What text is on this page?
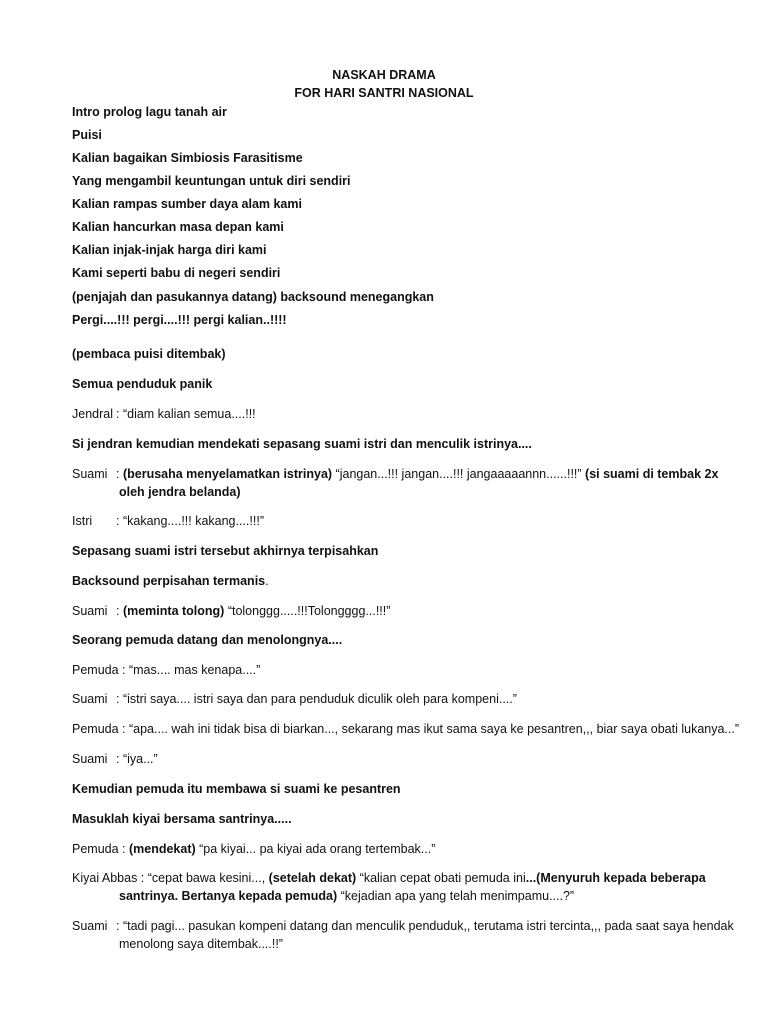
NASKAH DRAMA
FOR HARI SANTRI NASIONAL
Intro prolog lagu tanah air
Puisi
Kalian bagaikan Simbiosis Farasitisme
Yang mengambil keuntungan untuk diri sendiri
Kalian rampas sumber daya alam kami
Kalian hancurkan masa depan kami
Kalian injak-injak harga diri kami
Kami seperti babu di negeri sendiri
(penjajah dan pasukannya datang) backsound menegangkan
Pergi....!!! pergi....!!! pergi kalian..!!!!
(pembaca puisi ditembak)
Semua penduduk panik
Jendral : “diam kalian semua....!!!
Si jendran kemudian mendekati sepasang suami istri dan menculik istrinya....
Suami : (berusaha menyelamatkan istrinya) “jangan...!!! jangan....!!! jangaaaaannn......!!!” (si suami di tembak 2x
oleh jendra belanda)
Istri : “kakang....!!! kakang....!!!”
Sepasang suami istri tersebut akhirnya terpisahkan
Backsound perpisahan termanis.
Suami : (meminta tolong) “tolonggg.....!!!Tolongggg...!!!”
Seorang pemuda datang dan menolongnya....
Pemuda : “mas.... mas kenapa....”
Suami : “istri saya.... istri saya dan para penduduk diculik oleh para kompeni....”
Pemuda : “apa.... wah ini tidak bisa di biarkan..., sekarang mas ikut sama saya ke pesantren,,, biar saya obati lukanya...”
Suami : “iya...”
Kemudian pemuda itu membawa si suami ke pesantren
Masuklah kiyai bersama santrinya.....
Pemuda : (mendekat) “pa kiyai... pa kiyai ada orang tertembak...”
Kiyai Abbas : “cepat bawa kesini..., (setelah dekat) “kalian cepat obati pemuda ini...(Menyuruh kepada beberapa
santrinya. Bertanya kepada pemuda) “kejadian apa yang telah menimpamu....?”
Suami : “tadi pagi... pasukan kompeni datang dan menculik penduduk,, terutama istri tercinta,,, pada saat saya hendak
menolong saya ditembak....!!”
